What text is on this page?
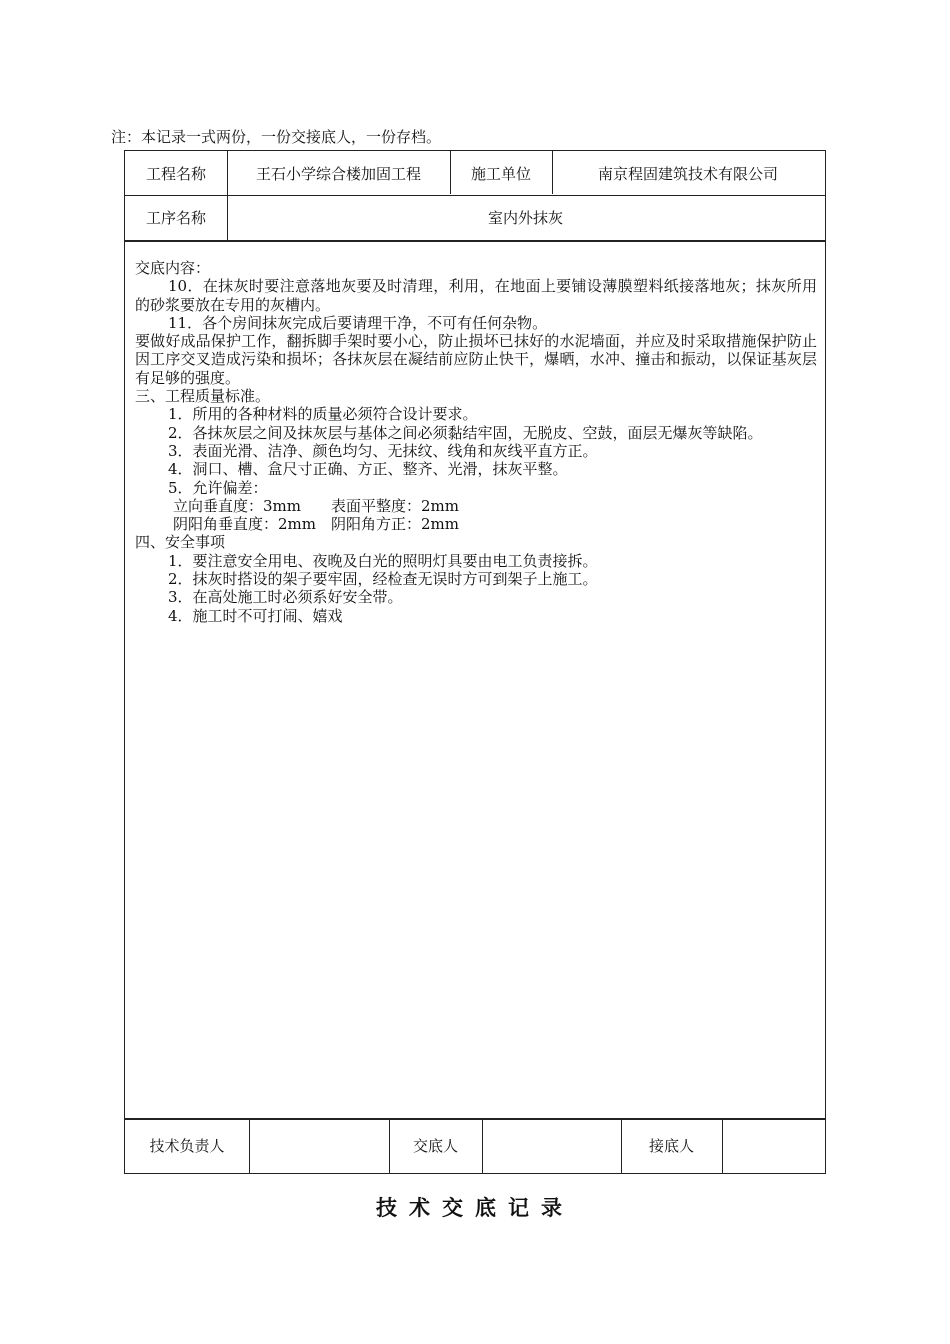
注：本记录一式两份，一份交接底人，一份存档。
工程名称	王石小学综合楼加固工程	施工单位	南京程固建筑技术有限公司
工序名称	室内外抹灰

交底内容：

10．在抹灰时要注意落地灰要及时清理，利用，在地面上要铺设薄膜塑料纸接落地灰；抹灰所用的砂浆要放在专用的灰槽内。

11．各个房间抹灰完成后要请理干净，不可有任何杂物。

要做好成品保护工作，翻拆脚手架时要小心，防止损坏已抹好的水泥墙面，并应及时采取措施保护防止因工序交叉造成污染和损坏；各抹灰层在凝结前应防止快干，爆晒，水冲、撞击和振动，以保证基灰层有足够的强度。

三、工程质量标准。

1．所用的各种材料的质量必须符合设计要求。

2．各抹灰层之间及抹灰层与基体之间必须黏结牢固，无脱皮、空鼓，面层无爆灰等缺陷。

3．表面光滑、洁净、颜色均匀、无抹纹、线角和灰线平直方正。

4．洞口、槽、盒尺寸正确、方正、整齐、光滑，抹灰平整。

5．允许偏差：

立向垂直度：3mm　　表面平整度：2mm

阴阳角垂直度：2mm　阴阳角方正：2mm

四、安全事项

1．要注意安全用电、夜晚及白光的照明灯具要由电工负责接拆。

2．抹灰时搭设的架子要牢固，经检查无误时方可到架子上施工。

3．在高处施工时必须系好安全带。

4．施工时不可打闹、嬉戏

技术负责人	交底人	接底人
技术交底记录
